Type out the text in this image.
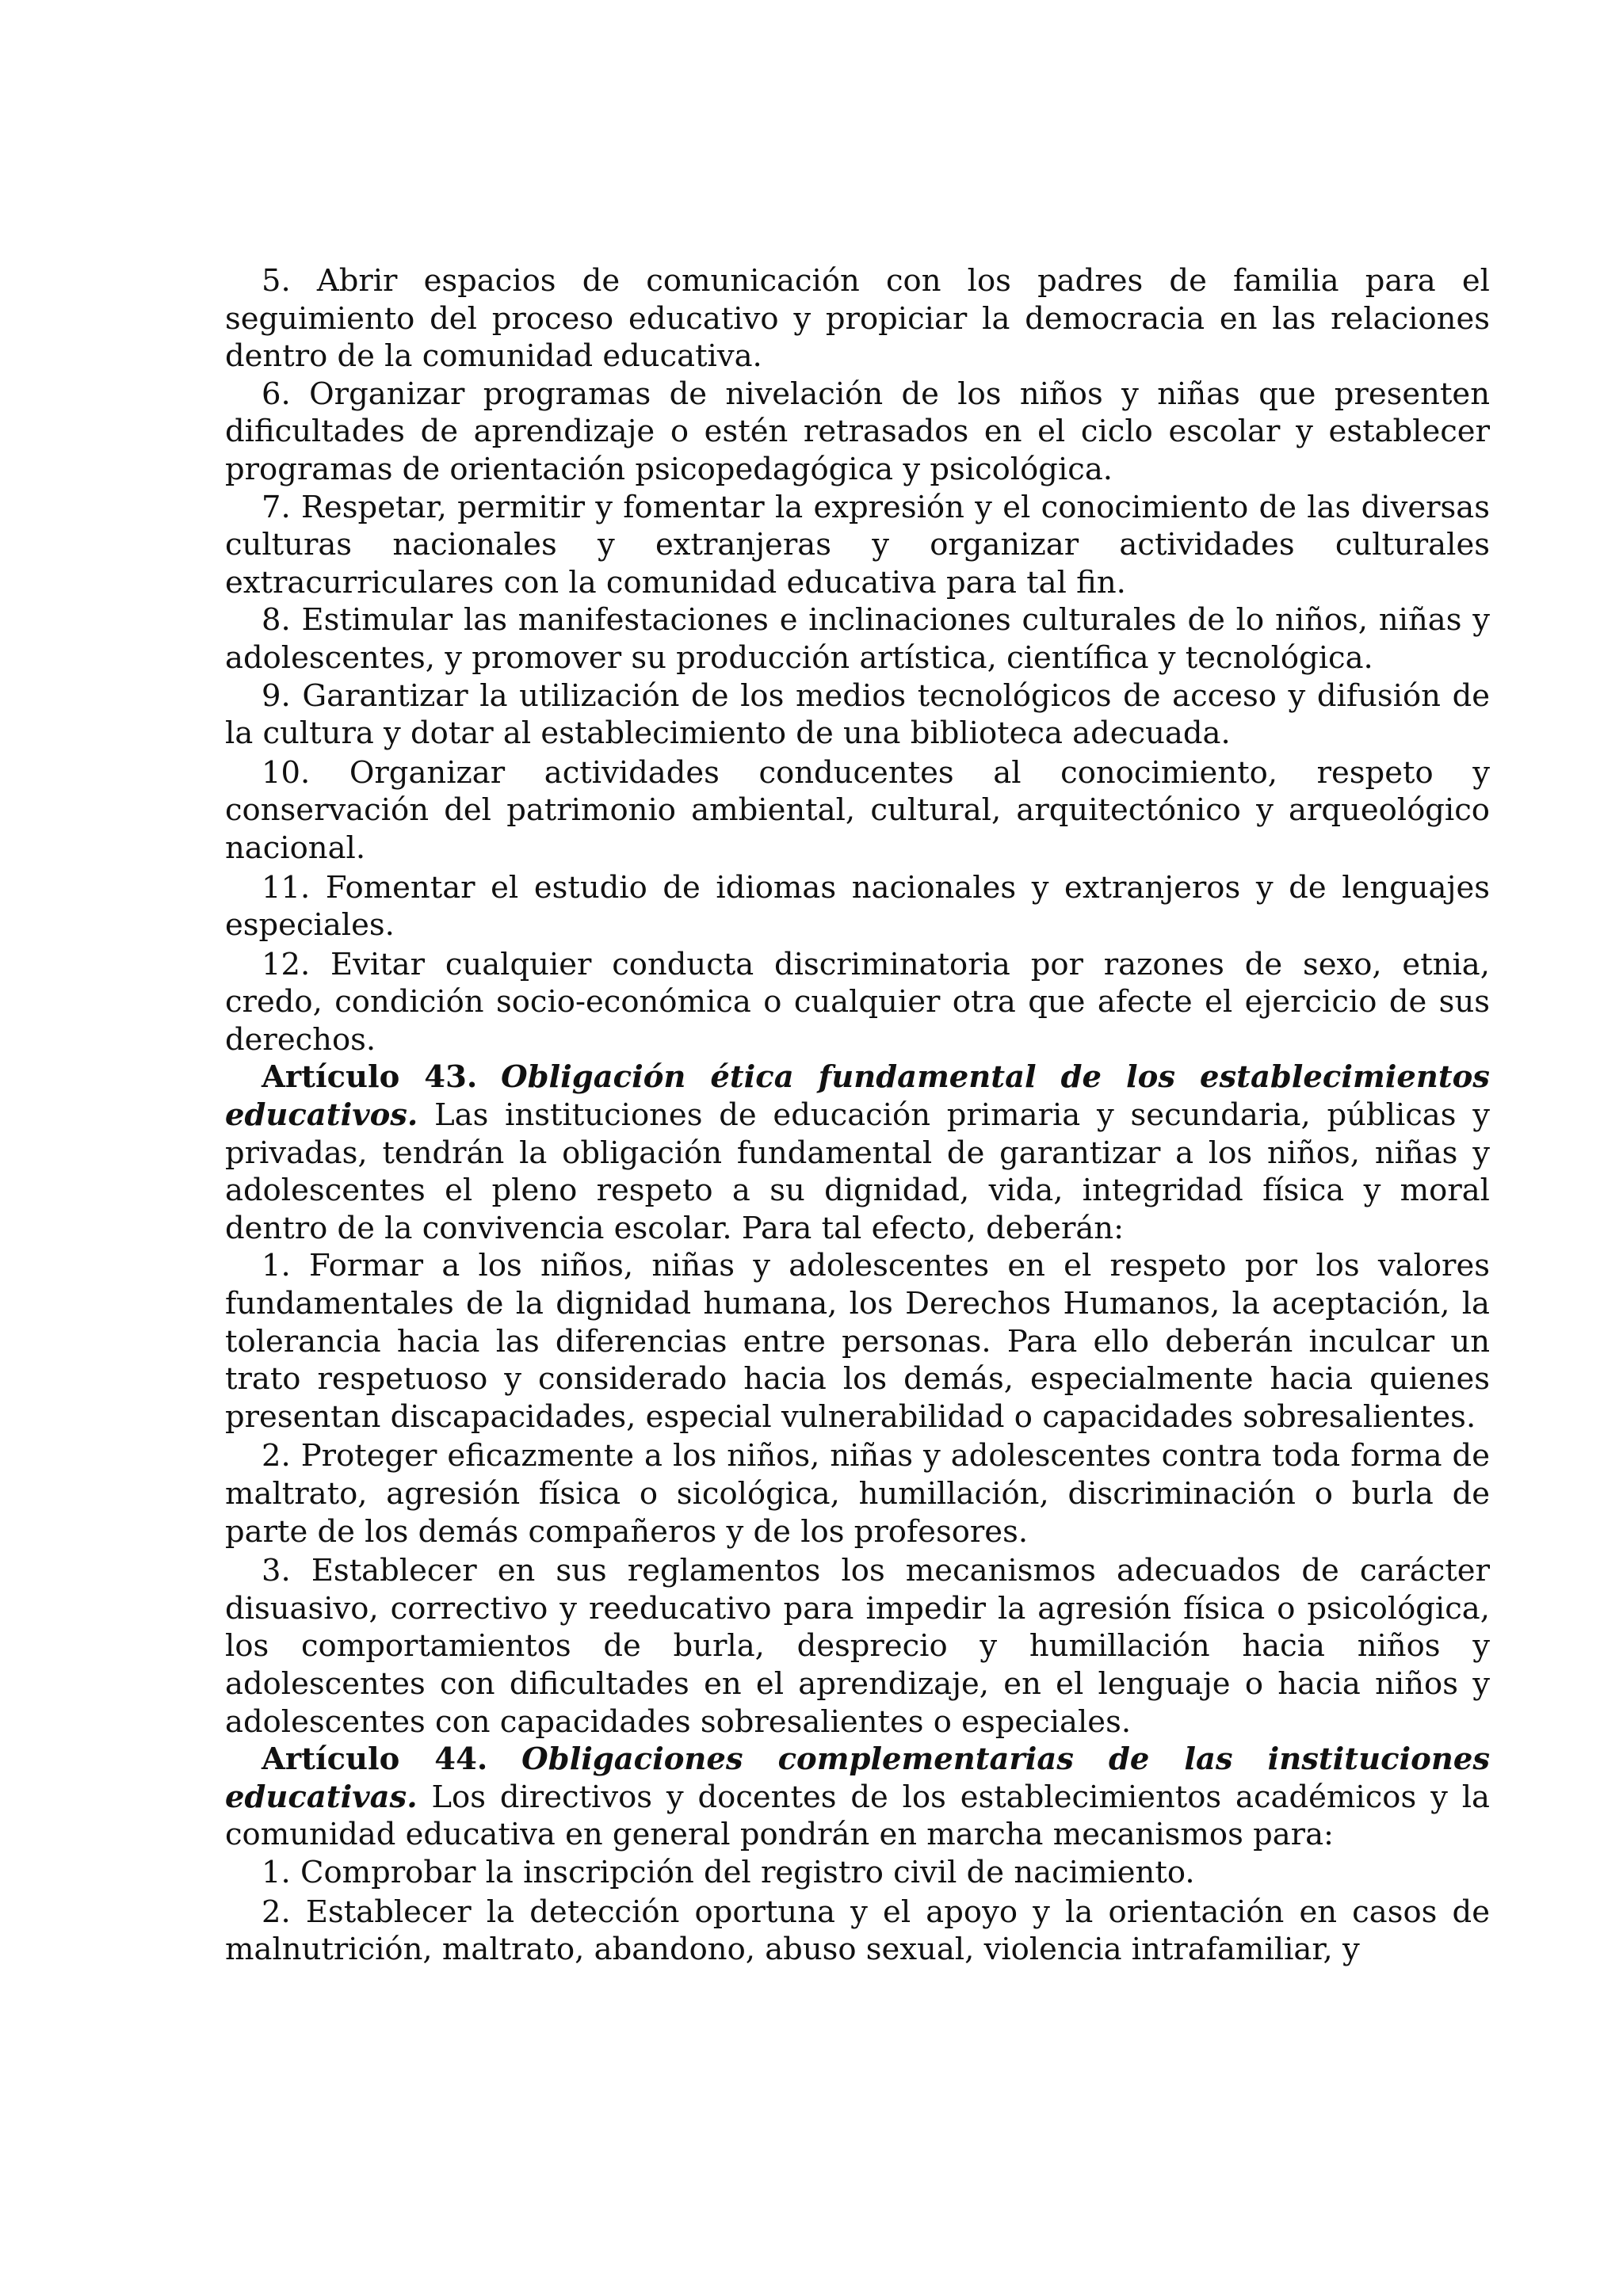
5. Abrir espacios de comunicación con los padres de familia para el seguimiento del proceso educativo y propiciar la democracia en las relaciones dentro de la comunidad educativa.

6. Organizar programas de nivelación de los niños y niñas que presenten dificultades de aprendizaje o estén retrasados en el ciclo escolar y establecer programas de orientación psicopedagógica y psicológica.

7. Respetar, permitir y fomentar la expresión y el conocimiento de las diversas culturas nacionales y extranjeras y organizar actividades culturales extracurriculares con la comunidad educativa para tal fin.

8. Estimular las manifestaciones e inclinaciones culturales de lo niños, niñas y adolescentes, y promover su producción artística, científica y tecnológica.

9. Garantizar la utilización de los medios tecnológicos de acceso y difusión de la cultura y dotar al establecimiento de una biblioteca adecuada.

10. Organizar actividades conducentes al conocimiento, respeto y conservación del patrimonio ambiental, cultural, arquitectónico y arqueológico nacional.

11. Fomentar el estudio de idiomas nacionales y extranjeros y de lenguajes especiales.

12. Evitar cualquier conducta discriminatoria por razones de sexo, etnia, credo, condición socio-económica o cualquier otra que afecte el ejercicio de sus derechos.

Artículo 43. Obligación ética fundamental de los establecimientos educativos. Las instituciones de educación primaria y secundaria, públicas y privadas, tendrán la obligación fundamental de garantizar a los niños, niñas y adolescentes el pleno respeto a su dignidad, vida, integridad física y moral dentro de la convivencia escolar. Para tal efecto, deberán:

1. Formar a los niños, niñas y adolescentes en el respeto por los valores fundamentales de la dignidad humana, los Derechos Humanos, la aceptación, la tolerancia hacia las diferencias entre personas. Para ello deberán inculcar un trato respetuoso y considerado hacia los demás, especialmente hacia quienes presentan discapacidades, especial vulnerabilidad o capacidades sobresalientes.

2. Proteger eficazmente a los niños, niñas y adolescentes contra toda forma de maltrato, agresión física o sicológica, humillación, discriminación o burla de parte de los demás compañeros y de los profesores.

3. Establecer en sus reglamentos los mecanismos adecuados de carácter disuasivo, correctivo y reeducativo para impedir la agresión física o psicológica, los comportamientos de burla, desprecio y humillación hacia niños y adolescentes con dificultades en el aprendizaje, en el lenguaje o hacia niños y adolescentes con capacidades sobresalientes o especiales.

Artículo 44. Obligaciones complementarias de las instituciones educativas. Los directivos y docentes de los establecimientos académicos y la comunidad educativa en general pondrán en marcha mecanismos para:

1. Comprobar la inscripción del registro civil de nacimiento.

2. Establecer la detección oportuna y el apoyo y la orientación en casos de malnutrición, maltrato, abandono, abuso sexual, violencia intrafamiliar, y
